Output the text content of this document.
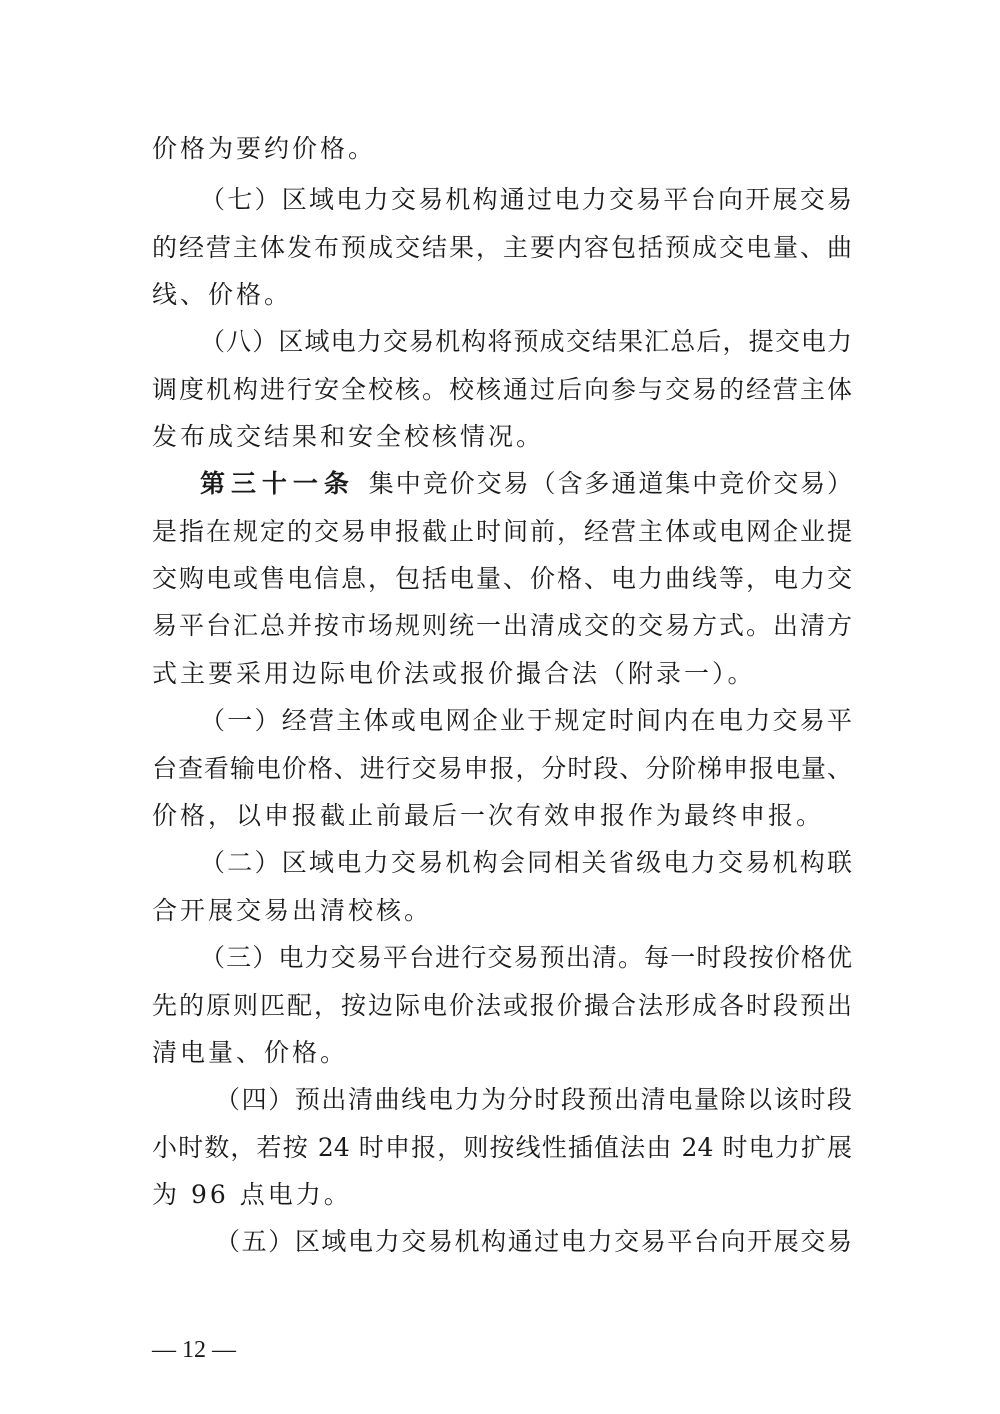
价格为要约价格。
（七）区域电力交易机构通过电力交易平台向开展交易
的经营主体发布预成交结果，主要内容包括预成交电量、曲
线、价格。
（八）区域电力交易机构将预成交结果汇总后，提交电力
调度机构进行安全校核。校核通过后向参与交易的经营主体
发布成交结果和安全校核情况。
第三十一条 集中竞价交易（含多通道集中竞价交易）
是指在规定的交易申报截止时间前，经营主体或电网企业提
交购电或售电信息，包括电量、价格、电力曲线等，电力交
易平台汇总并按市场规则统一出清成交的交易方式。出清方
式主要采用边际电价法或报价撮合法（附录一）。
（一）经营主体或电网企业于规定时间内在电力交易平
台查看输电价格、进行交易申报，分时段、分阶梯申报电量、
价格，以申报截止前最后一次有效申报作为最终申报。
（二）区域电力交易机构会同相关省级电力交易机构联
合开展交易出清校核。
（三）电力交易平台进行交易预出清。每一时段按价格优
先的原则匹配，按边际电价法或报价撮合法形成各时段预出
清电量、价格。
（四）预出清曲线电力为分时段预出清电量除以该时段
小时数，若按 24 时申报，则按线性插值法由 24 时电力扩展
为 96 点电力。
（五）区域电力交易机构通过电力交易平台向开展交易
— 12 —
